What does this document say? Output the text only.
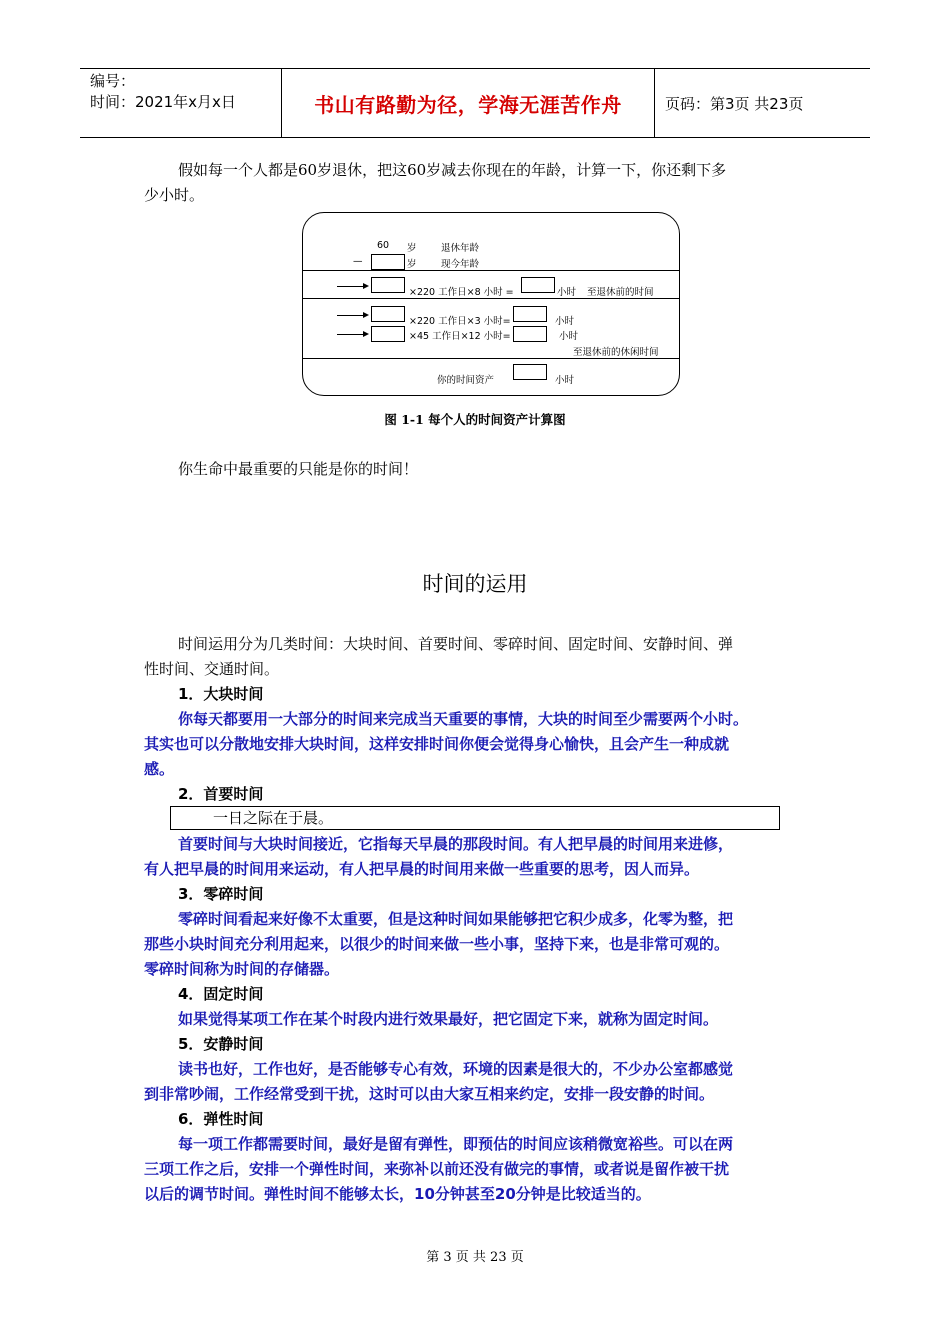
编号：
时间：2021年x月x日	书山有路勤为径，学海无涯苦作舟	页码：第3页 共23页
假如每一个人都是60岁退休，把这60岁减去你现在的年龄，计算一下，你还剩下多
少小时。
60 岁	退休年龄
—	岁	现今年龄
×220 工作日×8 小时 =	小时 至退休前的时间
×220 工作日×3 小时=	小时
×45 工作日×12 小时=	小时
至退休前的休闲时间
你的时间资产	小时
图 1-1 每个人的时间资产计算图
你生命中最重要的只能是你的时间！
时间的运用
时间运用分为几类时间：大块时间、首要时间、零碎时间、固定时间、安静时间、弹
性时间、交通时间。
1．大块时间
你每天都要用一大部分的时间来完成当天重要的事情，大块的时间至少需要两个小时。
其实也可以分散地安排大块时间，这样安排时间你便会觉得身心愉快，且会产生一种成就
感。
2．首要时间
一日之际在于晨。
首要时间与大块时间接近，它指每天早晨的那段时间。有人把早晨的时间用来进修，
有人把早晨的时间用来运动，有人把早晨的时间用来做一些重要的思考，因人而异。
3．零碎时间
零碎时间看起来好像不太重要，但是这种时间如果能够把它积少成多，化零为整，把
那些小块时间充分利用起来，以很少的时间来做一些小事，坚持下来，也是非常可观的。
零碎时间称为时间的存储器。
4．固定时间
如果觉得某项工作在某个时段内进行效果最好，把它固定下来，就称为固定时间。
5．安静时间
读书也好，工作也好，是否能够专心有效，环境的因素是很大的，不少办公室都感觉
到非常吵闹，工作经常受到干扰，这时可以由大家互相来约定，安排一段安静的时间。
6．弹性时间
每一项工作都需要时间，最好是留有弹性，即预估的时间应该稍微宽裕些。可以在两
三项工作之后，安排一个弹性时间，来弥补以前还没有做完的事情，或者说是留作被干扰
以后的调节时间。弹性时间不能够太长，10分钟甚至20分钟是比较适当的。
第 3 页 共 23 页
